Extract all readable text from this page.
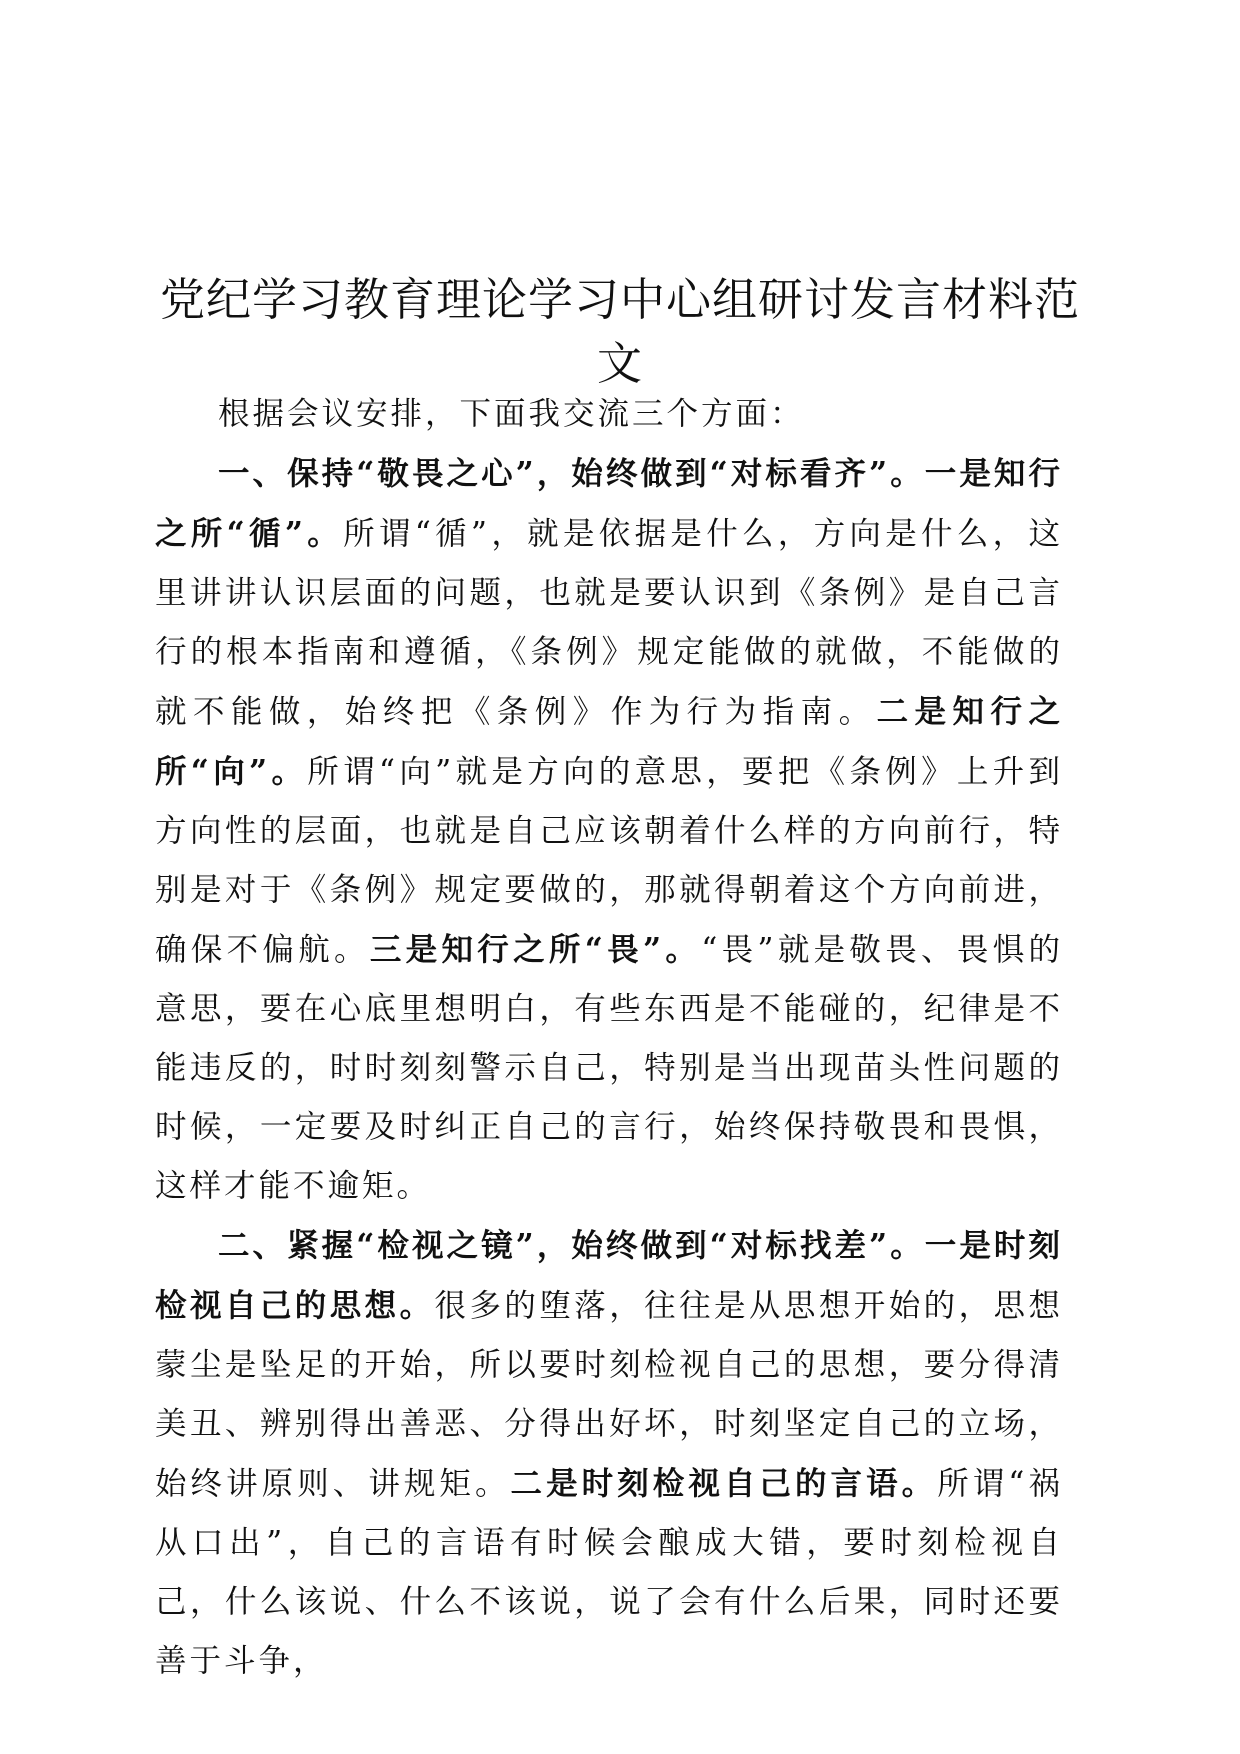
党纪学习教育理论学习中心组研讨发言材料范文

根据会议安排，下面我交流三个方面：

一、保持“敬畏之心”，始终做到“对标看齐”。一是知行之所“循”。所谓“循”，就是依据是什么，方向是什么，这里讲讲认识层面的问题，也就是要认识到《条例》是自己言行的根本指南和遵循，《条例》规定能做的就做，不能做的就不能做，始终把《条例》作为行为指南。二是知行之所“向”。所谓“向”就是方向的意思，要把《条例》上升到方向性的层面，也就是自己应该朝着什么样的方向前行，特别是对于《条例》规定要做的，那就得朝着这个方向前进，确保不偏航。三是知行之所“畏”。“畏”就是敬畏、畏惧的意思，要在心底里想明白，有些东西是不能碰的，纪律是不能违反的，时时刻刻警示自己，特别是当出现苗头性问题的时候，一定要及时纠正自己的言行，始终保持敬畏和畏惧，这样才能不逾矩。

二、紧握“检视之镜”，始终做到“对标找差”。一是时刻检视自己的思想。很多的堕落，往往是从思想开始的，思想蒙尘是坠足的开始，所以要时刻检视自己的思想，要分得清美丑、辨别得出善恶、分得出好坏，时刻坚定自己的立场，始终讲原则、讲规矩。二是时刻检视自己的言语。所谓“祸从口出”，自己的言语有时候会酿成大错，要时刻检视自己，什么该说、什么不该说，说了会有什么后果，同时还要善于斗争，
